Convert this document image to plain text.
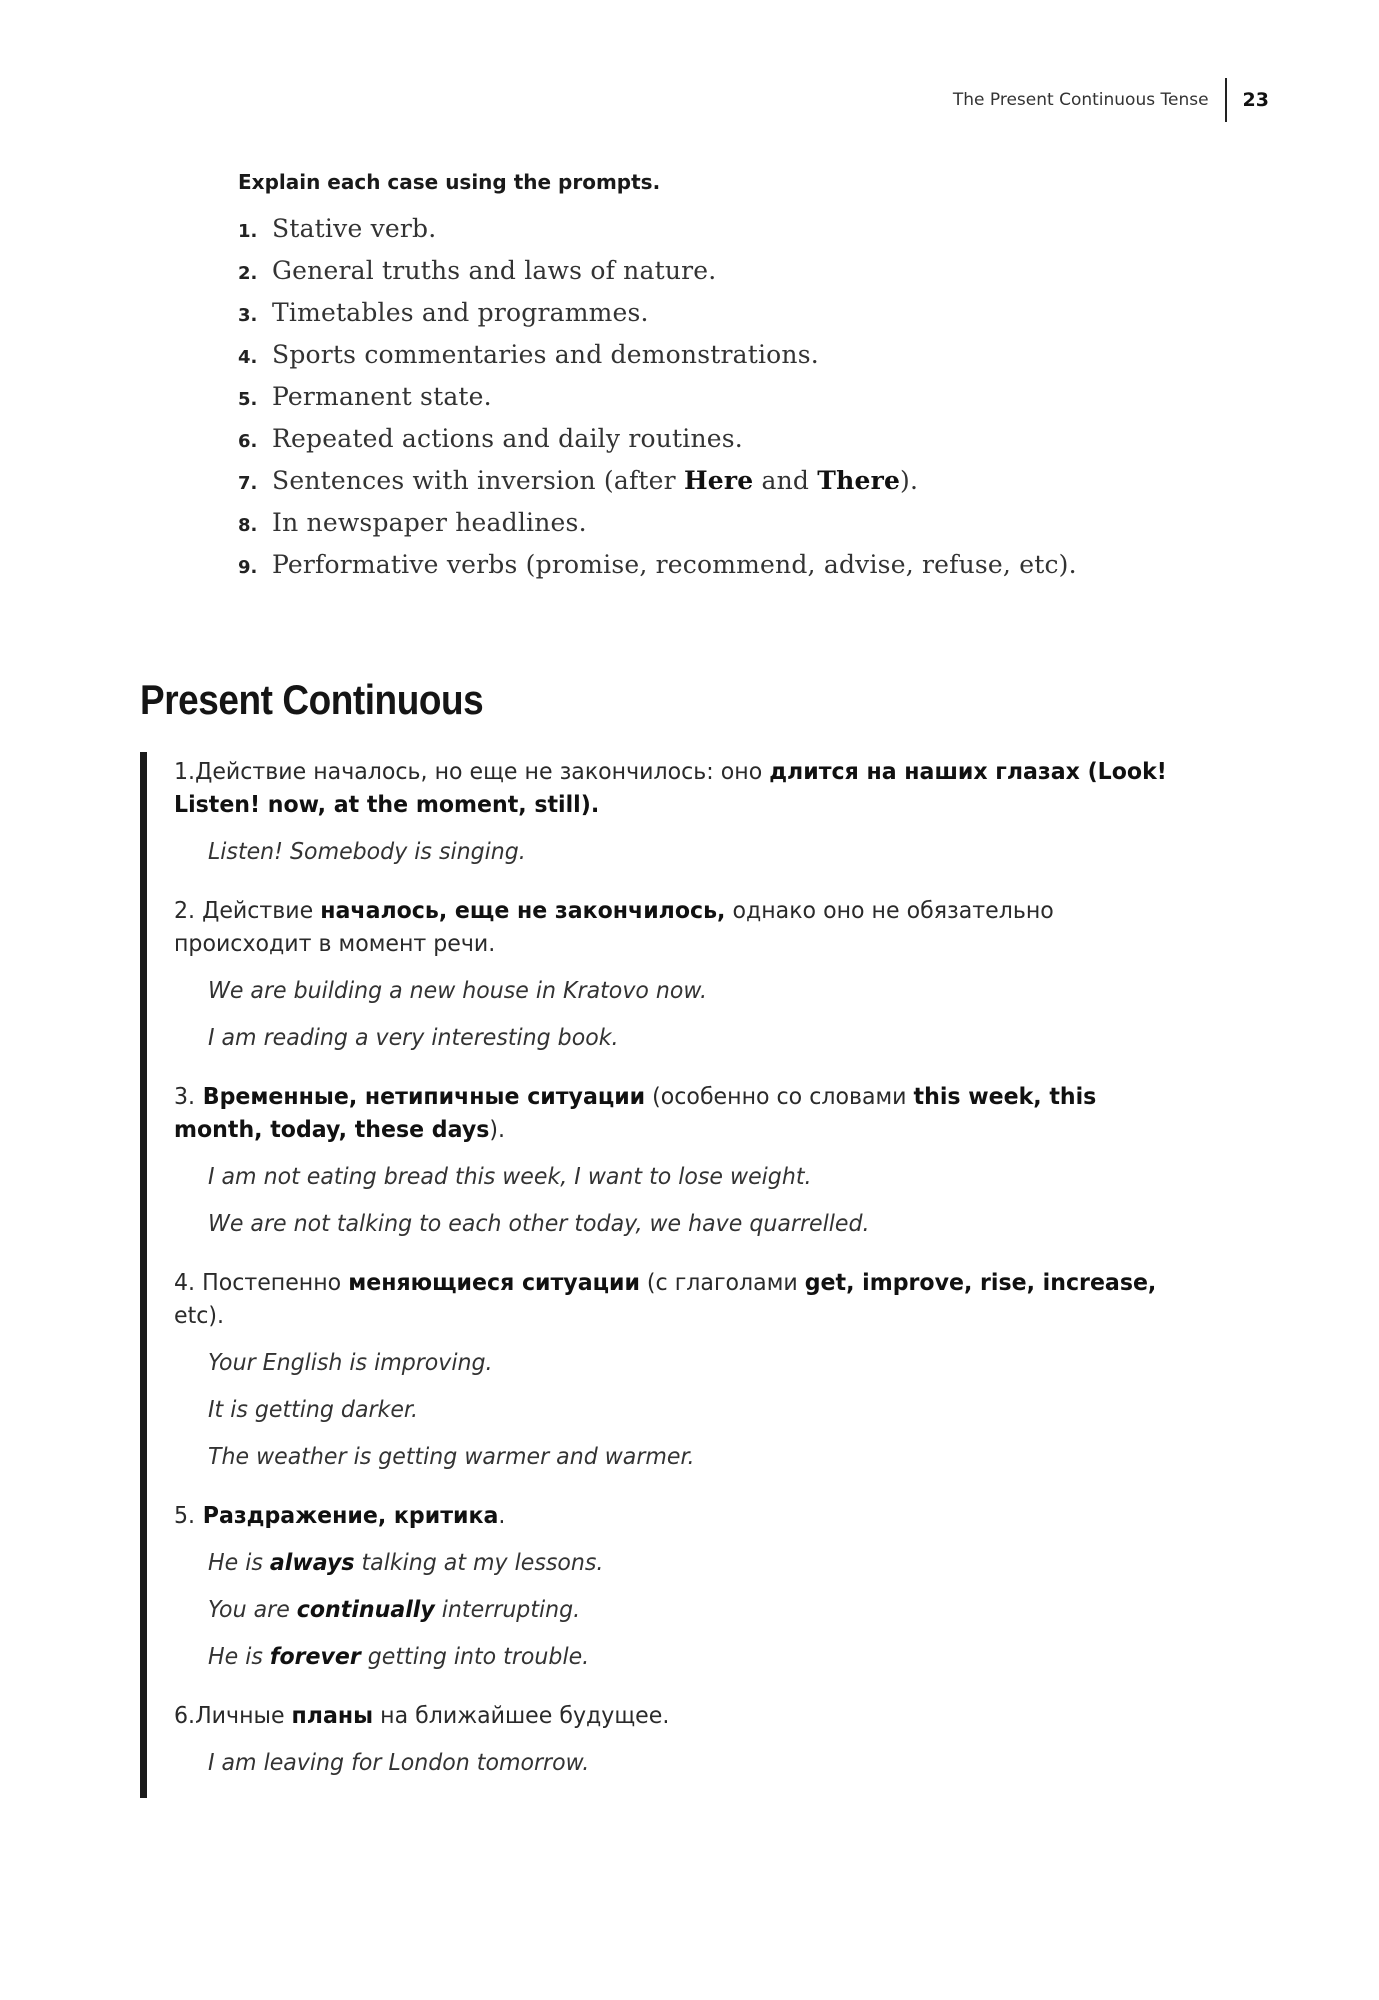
The Present Continuous Tense	23
Explain each case using the prompts.
1. Stative verb.
2. General truths and laws of nature.
3. Timetables and programmes.
4. Sports commentaries and demonstrations.
5. Permanent state.
6. Repeated actions and daily routines.
7. Sentences with inversion (after Here and There).
8. In newspaper headlines.
9. Performative verbs (promise, recommend, advise, refuse, etc).
Present Continuous
1.Действие началось, но еще не закончилось: оно длится на наших глазах (Look! Listen! now, at the moment, still).
Listen! Somebody is singing.
2. Действие началось, еще не закончилось, однако оно не обязательно происходит в момент речи.
We are building a new house in Kratovo now.
I am reading a very interesting book.
3. Временные, нетипичные ситуации (особенно со словами this week, this month, today, these days).
I am not eating bread this week, I want to lose weight.
We are not talking to each other today, we have quarrelled.
4. Постепенно меняющиеся ситуации (с глаголами get, improve, rise, increase, etc).
Your English is improving.
It is getting darker.
The weather is getting warmer and warmer.
5. Раздражение, критика.
He is always talking at my lessons.
You are continually interrupting.
He is forever getting into trouble.
6.Личные планы на ближайшее будущее.
I am leaving for London tomorrow.
